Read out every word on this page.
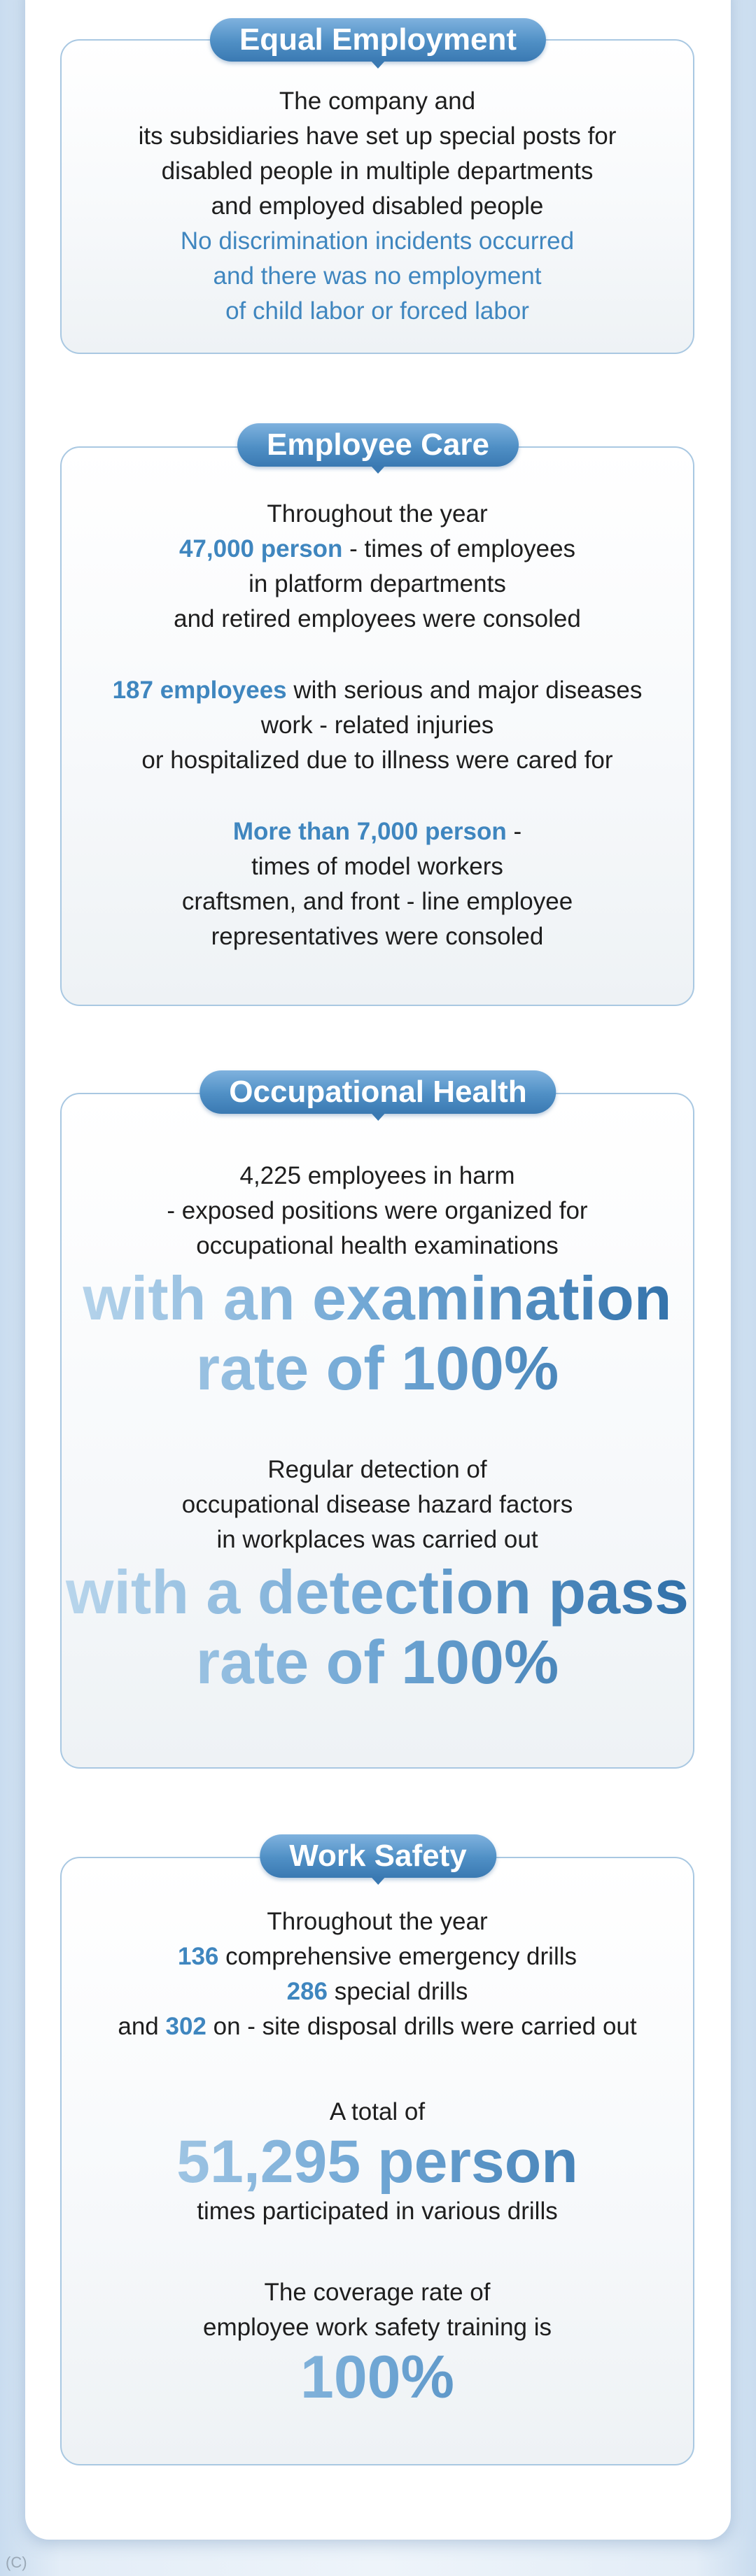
Equal Employment
The company and
its subsidiaries have set up special posts for
disabled people in multiple departments
and employed disabled people
No discrimination incidents occurred
and there was no employment
of child labor or forced labor
Employee Care
Throughout the year
47,000 person - times of employees
in platform departments
and retired employees were consoled
187 employees with serious and major diseases
work - related injuries
or hospitalized due to illness were cared for
More than 7,000 person -
times of model workers
craftsmen, and front - line employee
representatives were consoled
Occupational Health
4,225 employees in harm
- exposed positions were organized for
occupational health examinations
with an examination
rate of 100%
Regular detection of
occupational disease hazard factors
in workplaces was carried out
with a detection pass
rate of 100%
Work Safety
Throughout the year
136 comprehensive emergency drills
286 special drills
and 302 on - site disposal drills were carried out
A total of
51,295 person
times participated in various drills
The coverage rate of
employee work safety training is
100%
(C)
